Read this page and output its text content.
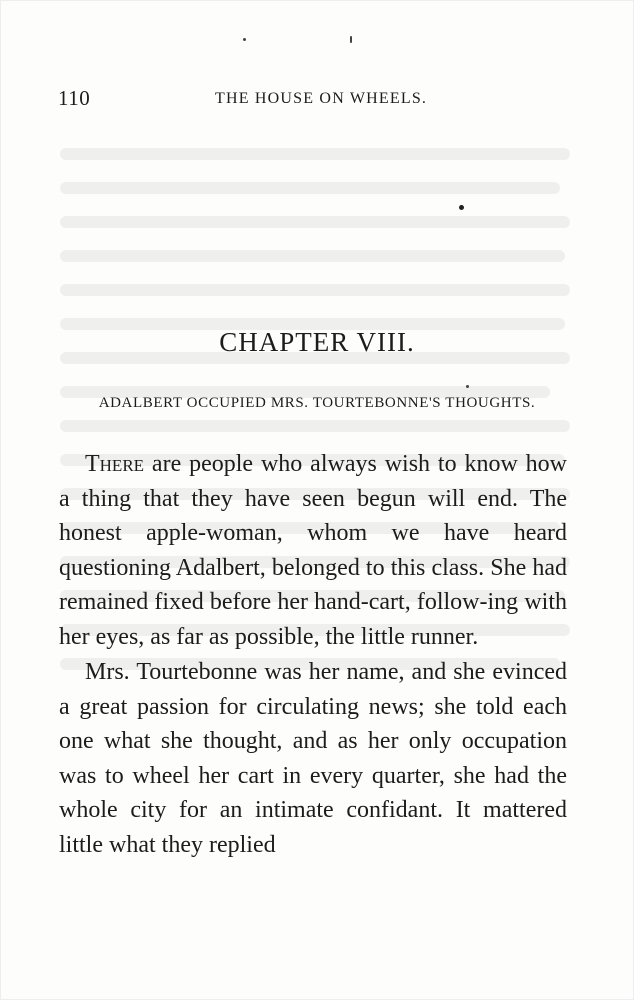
110	THE HOUSE ON WHEELS.
CHAPTER VIII.
ADALBERT OCCUPIED MRS. TOURTEBONNE'S THOUGHTS.

There are people who always wish to know how a thing that they have seen begun will end. The honest apple-woman, whom we have heard questioning Adalbert, belonged to this class. She had remained fixed before her hand-cart, follow-ing with her eyes, as far as possible, the little runner.

Mrs. Tourtebonne was her name, and she evinced a great passion for circulating news; she told each one what she thought, and as her only occupation was to wheel her cart in every quarter, she had the whole city for an intimate confidant. It mattered little what they replied
